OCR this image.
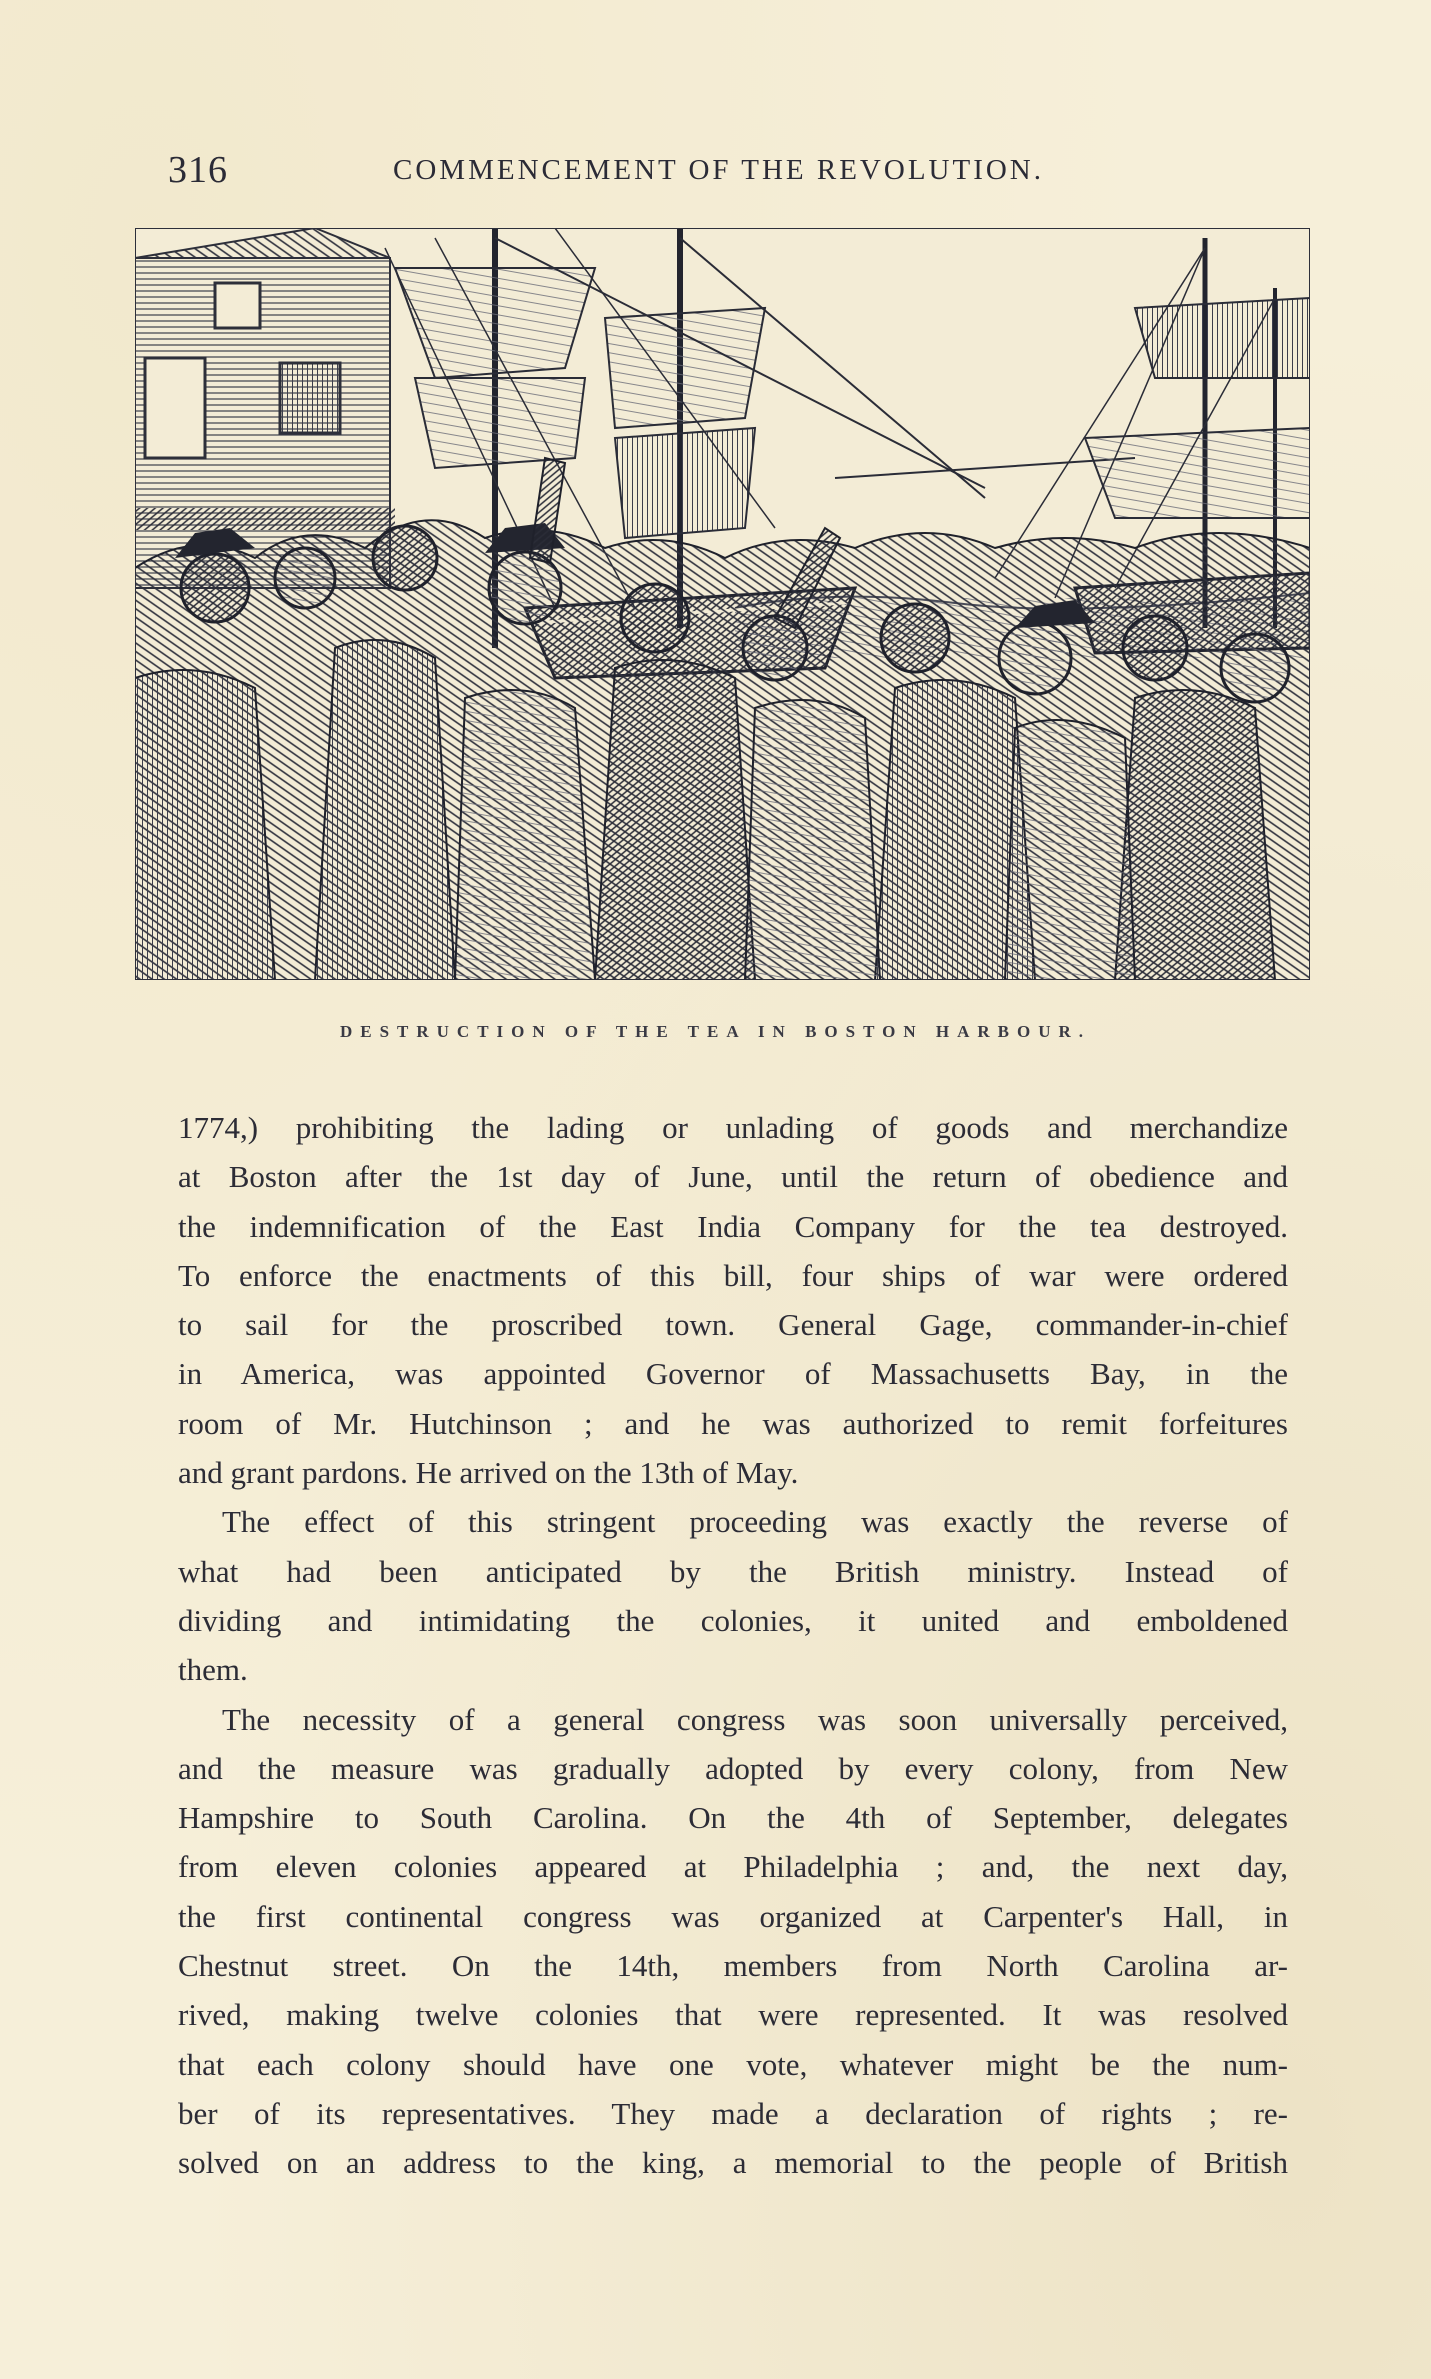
316	COMMENCEMENT OF THE REVOLUTION.
DESTRUCTION OF THE TEA IN BOSTON HARBOUR.

1774,) prohibiting the lading or unlading of goods and merchandize
at Boston after the 1st day of June, until the return of obedience and
the indemnification of the East India Company for the tea destroyed.
To enforce the enactments of this bill, four ships of war were ordered
to sail for the proscribed town. General Gage, commander-in-chief
in America, was appointed Governor of Massachusetts Bay, in the
room of Mr. Hutchinson ; and he was authorized to remit forfeitures
and grant pardons. He arrived on the 13th of May.

The effect of this stringent proceeding was exactly the reverse of
what had been anticipated by the British ministry. Instead of
dividing and intimidating the colonies, it united and emboldened
them.

The necessity of a general congress was soon universally perceived,
and the measure was gradually adopted by every colony, from New
Hampshire to South Carolina. On the 4th of September, delegates
from eleven colonies appeared at Philadelphia ; and, the next day,
the first continental congress was organized at Carpenter's Hall, in
Chestnut street. On the 14th, members from North Carolina ar-
rived, making twelve colonies that were represented. It was resolved
that each colony should have one vote, whatever might be the num-
ber of its representatives. They made a declaration of rights ; re-
solved on an address to the king, a memorial to the people of British
